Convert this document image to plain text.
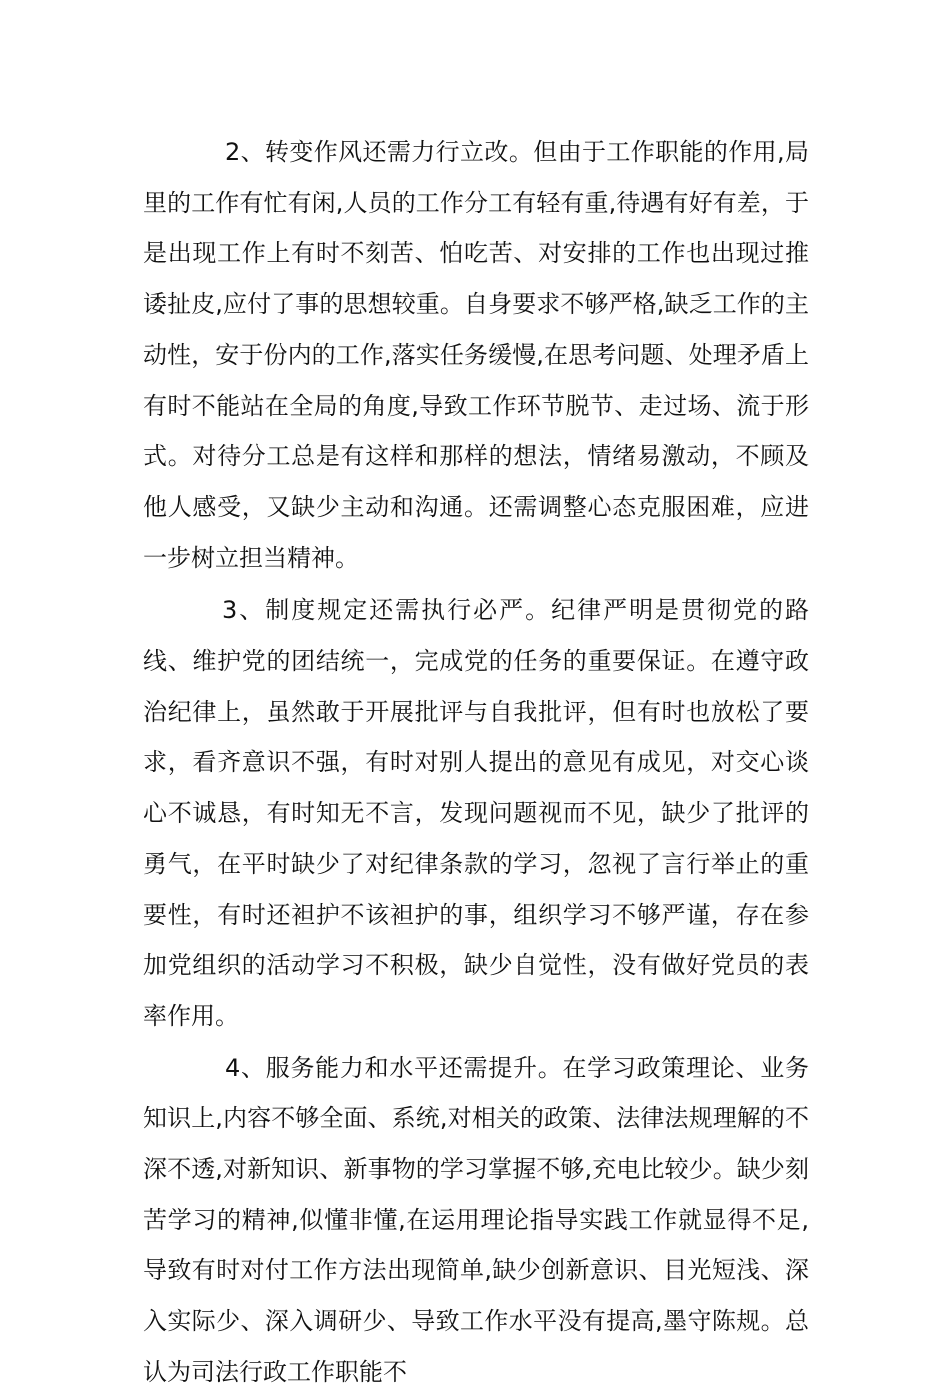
2、转变作风还需力行立改。但由于工作职能的作用,局里的工作有忙有闲,人员的工作分工有轻有重,待遇有好有差，于是出现工作上有时不刻苦、怕吃苦、对安排的工作也出现过推诿扯皮,应付了事的思想较重。自身要求不够严格,缺乏工作的主动性，安于份内的工作,落实任务缓慢,在思考问题、处理矛盾上有时不能站在全局的角度,导致工作环节脱节、走过场、流于形式。对待分工总是有这样和那样的想法，情绪易激动，不顾及他人感受，又缺少主动和沟通。还需调整心态克服困难，应进一步树立担当精神。

3、制度规定还需执行必严。纪律严明是贯彻党的路线、维护党的团结统一，完成党的任务的重要保证。在遵守政治纪律上，虽然敢于开展批评与自我批评，但有时也放松了要求，看齐意识不强，有时对别人提出的意见有成见，对交心谈心不诚恳，有时知无不言，发现问题视而不见，缺少了批评的勇气，在平时缺少了对纪律条款的学习，忽视了言行举止的重要性，有时还袒护不该袒护的事，组织学习不够严谨，存在参加党组织的活动学习不积极，缺少自觉性，没有做好党员的表率作用。

4、服务能力和水平还需提升。在学习政策理论、业务知识上,内容不够全面、系统,对相关的政策、法律法规理解的不深不透,对新知识、新事物的学习掌握不够,充电比较少。缺少刻苦学习的精神,似懂非懂,在运用理论指导实践工作就显得不足,导致有时对付工作方法出现简单,缺少创新意识、目光短浅、深入实际少、深入调研少、导致工作水平没有提高,墨守陈规。总认为司法行政工作职能不
